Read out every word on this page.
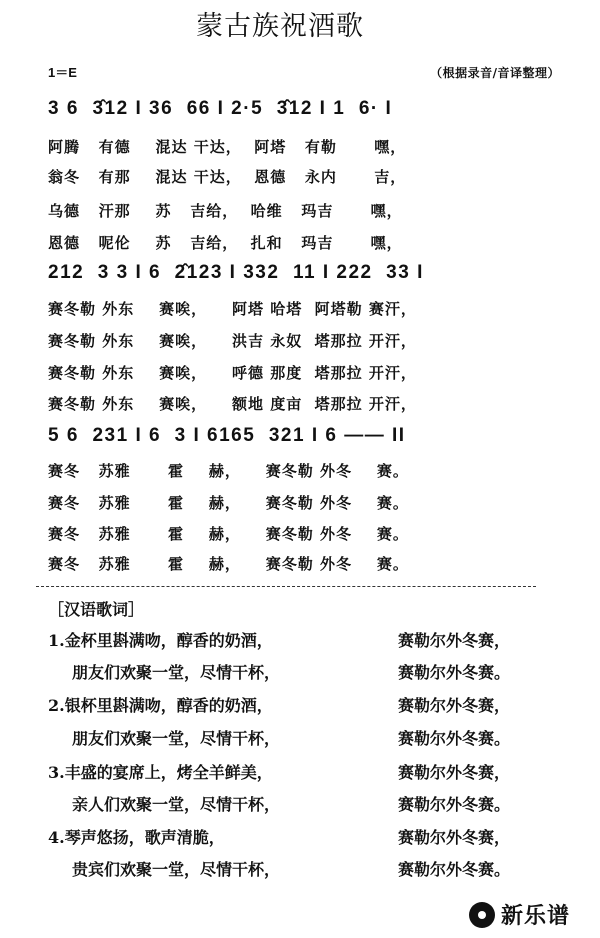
蒙古族祝酒歌
1＝E	（根据录音/音译整理）
3 6  3̂12 I 36  66 I 2·5  3̂12 I 1  6· I
阿腾   有德    混达 干达，  阿塔   有勒      嘿，
翁冬   有那    混达 干达，  恩德   永内      吉，
乌德   汗那    苏   吉给，  哈维   玛吉      嘿，
恩德   呢伦    苏   吉给，  扎和   玛吉      嘿，
212  3 3 I 6  2̂123 I 332  11 I 222  33 I
赛冬勒 外东    赛唉，    阿塔 哈塔  阿塔勒 赛汗，
赛冬勒 外东    赛唉，    洪吉 永奴  塔那拉 开汗，
赛冬勒 外东    赛唉，    呼德 那度  塔那拉 开汗，
赛冬勒 外东    赛唉，    额地 度亩  塔那拉 开汗，
5 6  231 I 6  3 I 6165  321 I 6 —— II
赛冬   苏雅      霍    赫，    赛冬勒 外冬    赛。
赛冬   苏雅      霍    赫，    赛冬勒 外冬    赛。
赛冬   苏雅      霍    赫，    赛冬勒 外冬    赛。
赛冬   苏雅      霍    赫，    赛冬勒 外冬    赛。
［汉语歌词］
1.金杯里斟满吻，醇香的奶酒，	赛勒尔外冬赛，
朋友们欢聚一堂，尽情干杯，	赛勒尔外冬赛。
2.银杯里斟满吻，醇香的奶酒，	赛勒尔外冬赛，
朋友们欢聚一堂，尽情干杯，	赛勒尔外冬赛。
3.丰盛的宴席上，烤全羊鲜美，	赛勒尔外冬赛，
亲人们欢聚一堂，尽情干杯，	赛勒尔外冬赛。
4.琴声悠扬，歌声清脆，	赛勒尔外冬赛，
贵宾们欢聚一堂，尽情干杯，	赛勒尔外冬赛。
新乐谱
